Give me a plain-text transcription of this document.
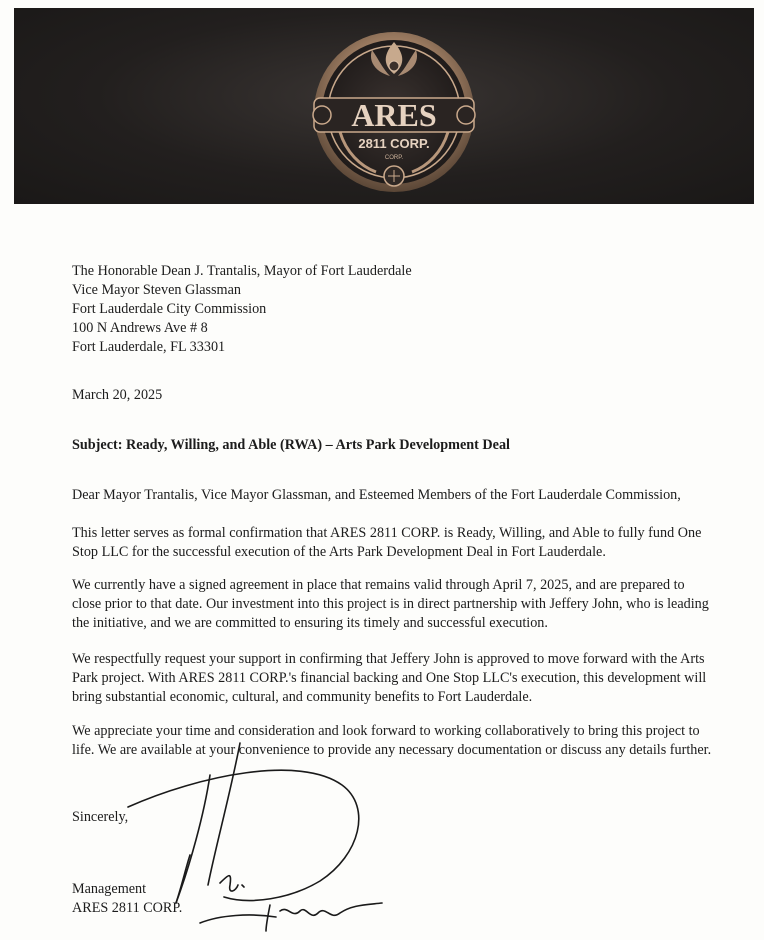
ARES
2811 CORP.
CORP.
The Honorable Dean J. Trantalis, Mayor of Fort Lauderdale
Vice Mayor Steven Glassman
Fort Lauderdale City Commission
100 N Andrews Ave # 8
Fort Lauderdale, FL 33301
March 20, 2025
Subject: Ready, Willing, and Able (RWA) – Arts Park Development Deal
Dear Mayor Trantalis, Vice Mayor Glassman, and Esteemed Members of the Fort Lauderdale Commission,
This letter serves as formal confirmation that ARES 2811 CORP. is Ready, Willing, and Able to fully fund One Stop LLC for the successful execution of the Arts Park Development Deal in Fort Lauderdale.
We currently have a signed agreement in place that remains valid through April 7, 2025, and are prepared to close prior to that date. Our investment into this project is in direct partnership with Jeffery John, who is leading the initiative, and we are committed to ensuring its timely and successful execution.
We respectfully request your support in confirming that Jeffery John is approved to move forward with the Arts Park project. With ARES 2811 CORP.'s financial backing and One Stop LLC's execution, this development will bring substantial economic, cultural, and community benefits to Fort Lauderdale.
We appreciate your time and consideration and look forward to working collaboratively to bring this project to life. We are available at your convenience to provide any necessary documentation or discuss any details further.
Sincerely,
Management
ARES 2811 CORP.
